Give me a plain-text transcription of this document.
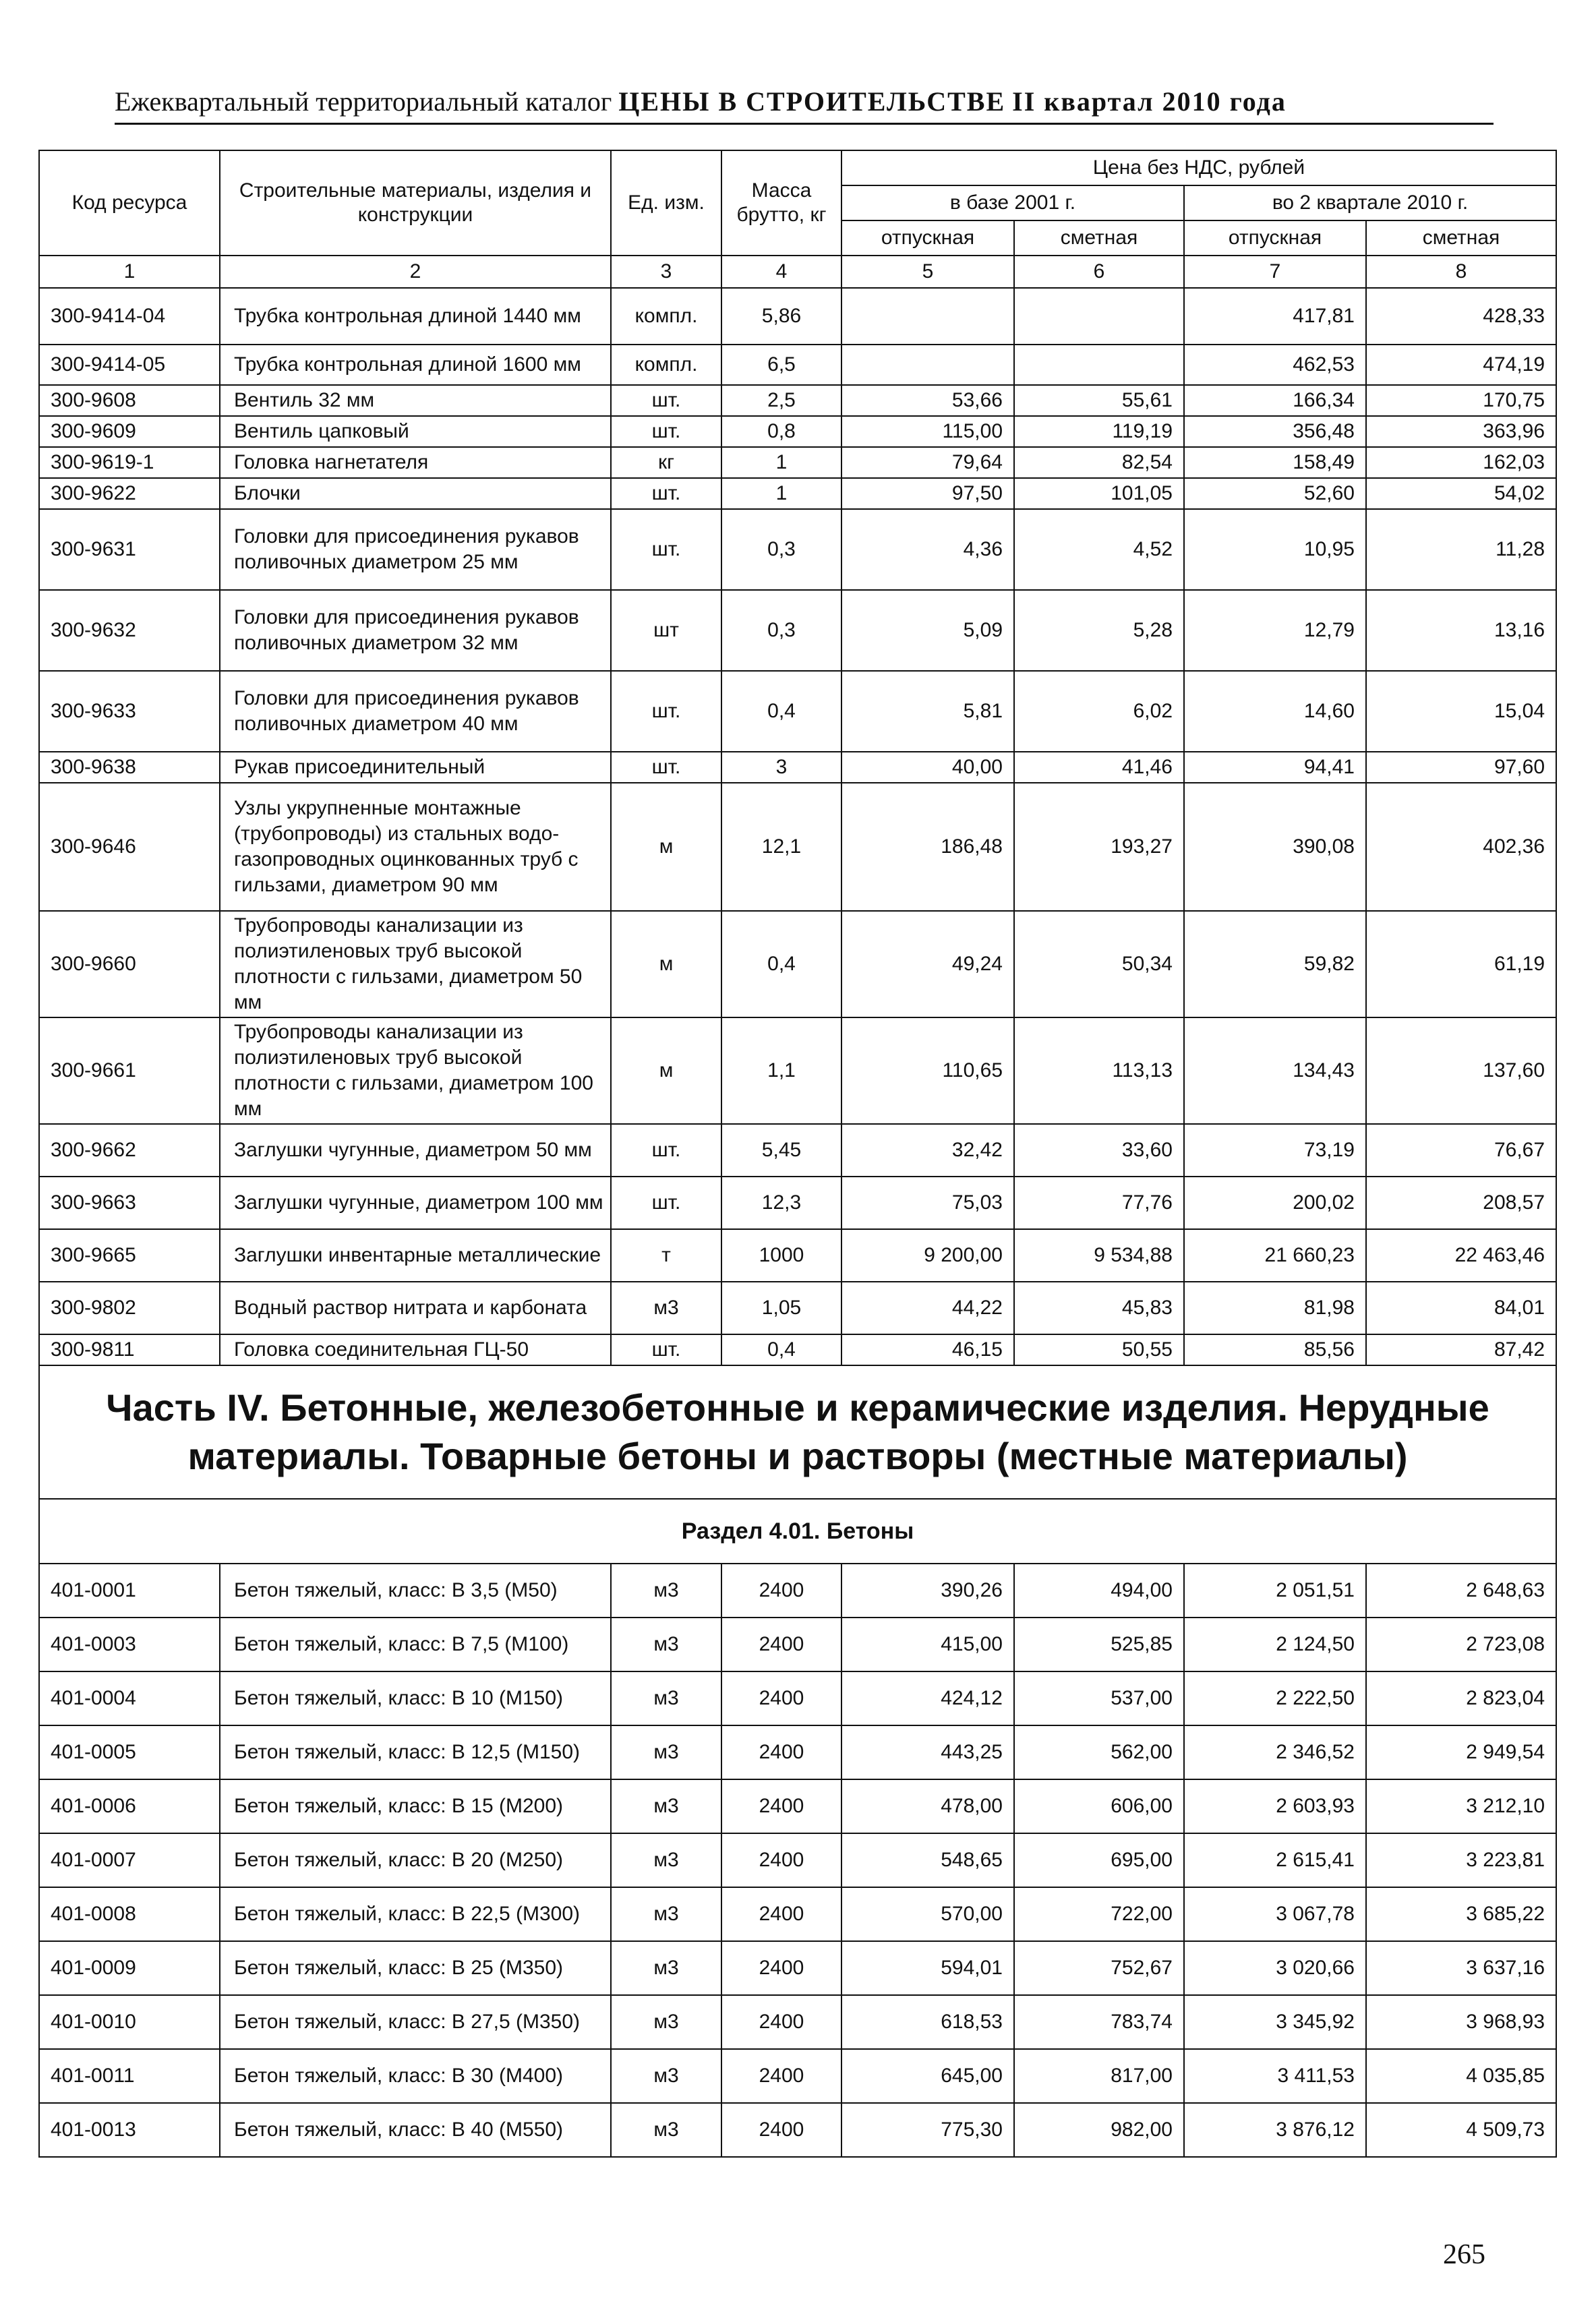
Ежеквартальный территориальный каталог ЦЕНЫ В СТРОИТЕЛЬСТВЕ II квартал 2010 года
Код ресурса	Строительные материалы, изделия и конструкции	Ед. изм.	Масса брутто, кг	Цена без НДС, рублей			
				в базе 2001 г.		во 2 квартале 2010 г.	
				отпускная	сметная	отпускная	сметная
1	2	3	4	5	6	7	8
300-9414-04	Трубка контрольная длиной 1440 мм	компл.	5,86			417,81	428,33
300-9414-05	Трубка контрольная длиной 1600 мм	компл.	6,5			462,53	474,19
300-9608	Вентиль 32 мм	шт.	2,5	53,66	55,61	166,34	170,75
300-9609	Вентиль цапковый	шт.	0,8	115,00	119,19	356,48	363,96
300-9619-1	Головка нагнетателя	кг	1	79,64	82,54	158,49	162,03
300-9622	Блочки	шт.	1	97,50	101,05	52,60	54,02
300-9631	Головки для присоединения рукавов поливочных диаметром 25 мм	шт.	0,3	4,36	4,52	10,95	11,28
300-9632	Головки для присоединения рукавов поливочных диаметром 32 мм	шт	0,3	5,09	5,28	12,79	13,16
300-9633	Головки для присоединения рукавов поливочных диаметром 40 мм	шт.	0,4	5,81	6,02	14,60	15,04
300-9638	Рукав присоединительный	шт.	3	40,00	41,46	94,41	97,60
300-9646	Узлы укрупненные монтажные (трубопроводы) из стальных водо-газопроводных оцинкованных труб с гильзами, диаметром 90 мм	м	12,1	186,48	193,27	390,08	402,36
300-9660	Трубопроводы канализации из полиэтиленовых труб высокой плотности с гильзами, диаметром 50 мм	м	0,4	49,24	50,34	59,82	61,19
300-9661	Трубопроводы канализации из полиэтиленовых труб высокой плотности с гильзами, диаметром 100 мм	м	1,1	110,65	113,13	134,43	137,60
300-9662	Заглушки чугунные, диаметром 50 мм	шт.	5,45	32,42	33,60	73,19	76,67
300-9663	Заглушки чугунные, диаметром 100 мм	шт.	12,3	75,03	77,76	200,02	208,57
300-9665	Заглушки инвентарные металлические	т	1000	9 200,00	9 534,88	21 660,23	22 463,46
300-9802	Водный раствор нитрата и карбоната	м3	1,05	44,22	45,83	81,98	84,01
300-9811	Головка соединительная ГЦ-50	шт.	0,4	46,15	50,55	85,56	87,42
Часть IV. Бетонные, железобетонные и керамические изделия. Нерудные материалы. Товарные бетоны и растворы (местные материалы)							
Раздел 4.01. Бетоны							
401-0001	Бетон тяжелый, класс: В 3,5 (М50)	м3	2400	390,26	494,00	2 051,51	2 648,63
401-0003	Бетон тяжелый, класс: В 7,5 (М100)	м3	2400	415,00	525,85	2 124,50	2 723,08
401-0004	Бетон тяжелый, класс: В 10 (М150)	м3	2400	424,12	537,00	2 222,50	2 823,04
401-0005	Бетон тяжелый, класс: В 12,5 (М150)	м3	2400	443,25	562,00	2 346,52	2 949,54
401-0006	Бетон тяжелый, класс: В 15 (М200)	м3	2400	478,00	606,00	2 603,93	3 212,10
401-0007	Бетон тяжелый, класс: В 20 (М250)	м3	2400	548,65	695,00	2 615,41	3 223,81
401-0008	Бетон тяжелый, класс: В 22,5 (М300)	м3	2400	570,00	722,00	3 067,78	3 685,22
401-0009	Бетон тяжелый, класс: В 25 (М350)	м3	2400	594,01	752,67	3 020,66	3 637,16
401-0010	Бетон тяжелый, класс: В 27,5 (М350)	м3	2400	618,53	783,74	3 345,92	3 968,93
401-0011	Бетон тяжелый, класс: В 30 (М400)	м3	2400	645,00	817,00	3 411,53	4 035,85
401-0013	Бетон тяжелый, класс: В 40 (М550)	м3	2400	775,30	982,00	3 876,12	4 509,73
265
